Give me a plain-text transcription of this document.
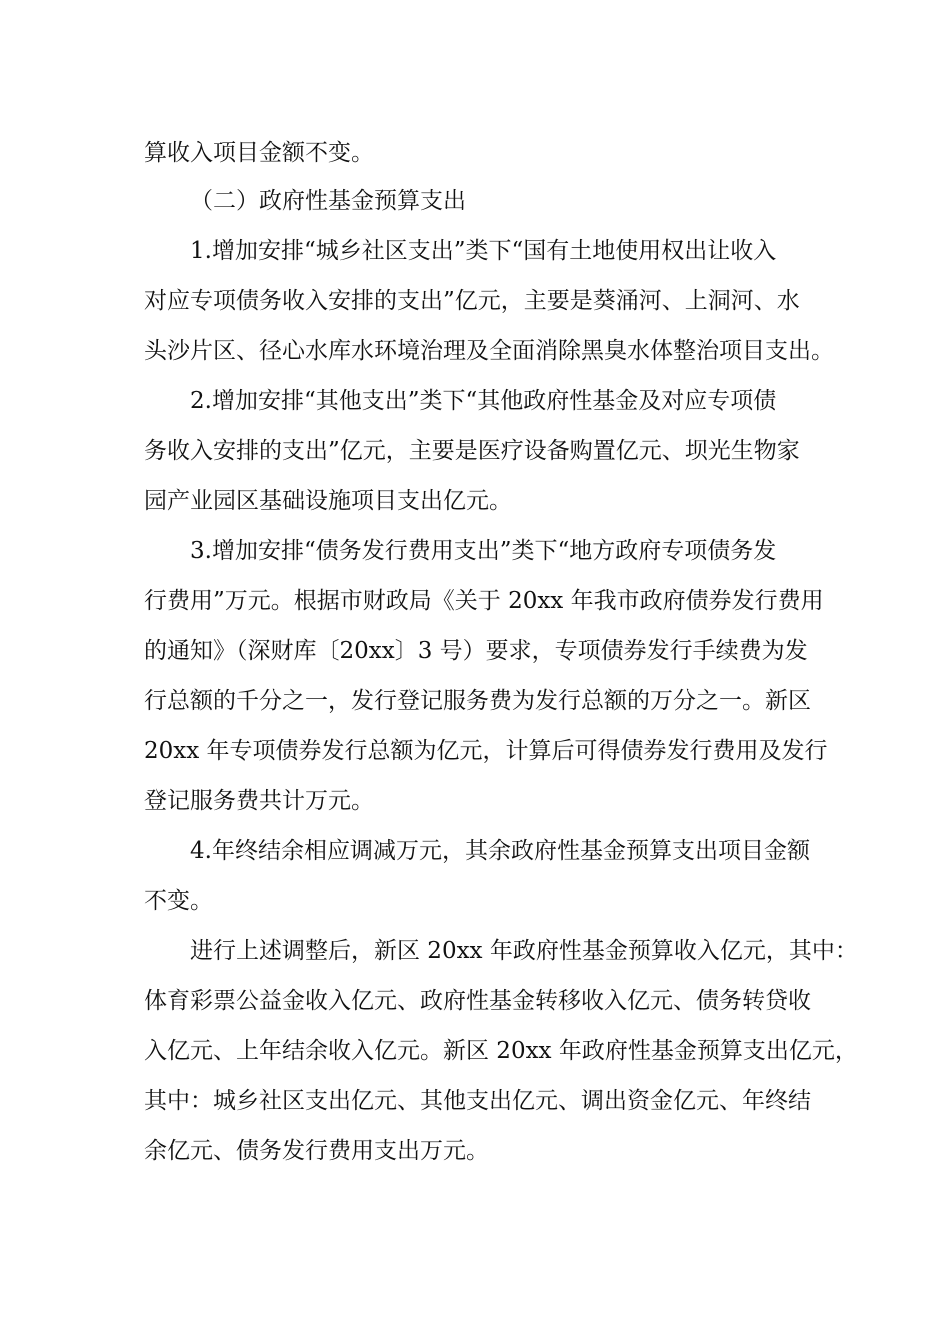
算收入项目金额不变。
（二）政府性基金预算支出
1.增加安排“城乡社区支出”类下“国有土地使用权出让收入
对应专项债务收入安排的支出”亿元，主要是葵涌河、上洞河、水
头沙片区、径心水库水环境治理及全面消除黑臭水体整治项目支出。
2.增加安排“其他支出”类下“其他政府性基金及对应专项债
务收入安排的支出”亿元，主要是医疗设备购置亿元、坝光生物家
园产业园区基础设施项目支出亿元。
3.增加安排“债务发行费用支出”类下“地方政府专项债务发
行费用”万元。根据市财政局《关于 20xx 年我市政府债券发行费用
的通知》（深财库〔20xx〕3 号）要求，专项债券发行手续费为发
行总额的千分之一，发行登记服务费为发行总额的万分之一。新区
20xx 年专项债券发行总额为亿元，计算后可得债券发行费用及发行
登记服务费共计万元。
4.年终结余相应调减万元，其余政府性基金预算支出项目金额
不变。
进行上述调整后，新区 20xx 年政府性基金预算收入亿元，其中：
体育彩票公益金收入亿元、政府性基金转移收入亿元、债务转贷收
入亿元、上年结余收入亿元。新区 20xx 年政府性基金预算支出亿元，
其中：城乡社区支出亿元、其他支出亿元、调出资金亿元、年终结
余亿元、债务发行费用支出万元。
